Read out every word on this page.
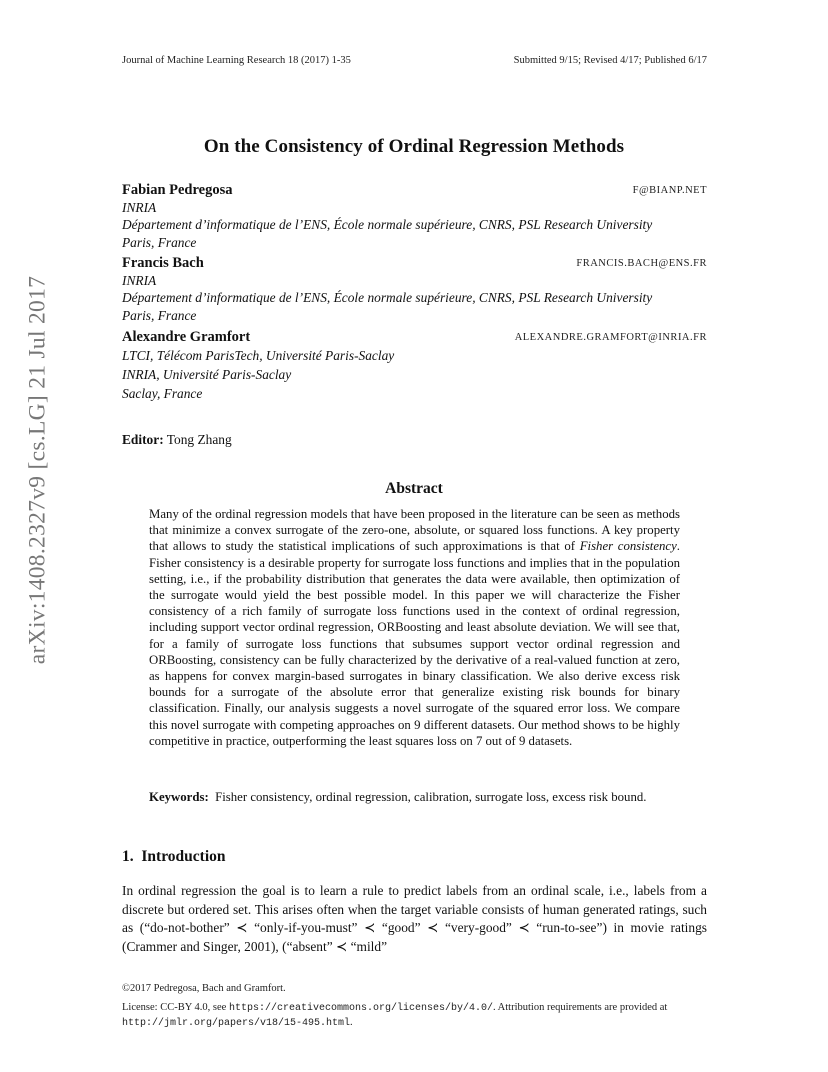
Journal of Machine Learning Research 18 (2017) 1-35	Submitted 9/15; Revised 4/17; Published 6/17
arXiv:1408.2327v9 [cs.LG] 21 Jul 2017
On the Consistency of Ordinal Regression Methods
Fabian Pedregosa	F@BIANP.NET
INRIA
Département d’informatique de l’ENS, École normale supérieure, CNRS, PSL Research University
Paris, France
Francis Bach	FRANCIS.BACH@ENS.FR
INRIA
Département d’informatique de l’ENS, École normale supérieure, CNRS, PSL Research University
Paris, France
Alexandre Gramfort	ALEXANDRE.GRAMFORT@INRIA.FR
LTCI, Télécom ParisTech, Université Paris-Saclay
INRIA, Université Paris-Saclay
Saclay, France
Editor: Tong Zhang
Abstract
Many of the ordinal regression models that have been proposed in the literature can be seen as methods that minimize a convex surrogate of the zero-one, absolute, or squared loss functions. A key property that allows to study the statistical implications of such approximations is that of Fisher consistency. Fisher consistency is a desirable property for surrogate loss functions and implies that in the population setting, i.e., if the probability distribution that generates the data were available, then optimization of the surrogate would yield the best possible model. In this paper we will characterize the Fisher consistency of a rich family of surrogate loss functions used in the context of ordinal regression, including support vector ordinal regression, ORBoosting and least absolute deviation. We will see that, for a family of surrogate loss functions that subsumes support vector ordinal regression and ORBoosting, consistency can be fully characterized by the derivative of a real-valued function at zero, as happens for convex margin-based surrogates in binary classification. We also derive excess risk bounds for a surrogate of the absolute error that generalize existing risk bounds for binary classification. Finally, our analysis suggests a novel surrogate of the squared error loss. We compare this novel surrogate with competing approaches on 9 different datasets. Our method shows to be highly competitive in practice, outperforming the least squares loss on 7 out of 9 datasets.
Keywords: Fisher consistency, ordinal regression, calibration, surrogate loss, excess risk bound.
1.  Introduction
In ordinal regression the goal is to learn a rule to predict labels from an ordinal scale, i.e., labels from a discrete but ordered set. This arises often when the target variable consists of human generated ratings, such as (“do-not-bother” ≺ “only-if-you-must” ≺ “good” ≺ “very-good” ≺ “run-to-see”) in movie ratings (Crammer and Singer, 2001), (“absent” ≺ “mild”
©2017 Pedregosa, Bach and Gramfort.
License: CC-BY 4.0, see https://creativecommons.org/licenses/by/4.0/. Attribution requirements are provided at http://jmlr.org/papers/v18/15-495.html.
